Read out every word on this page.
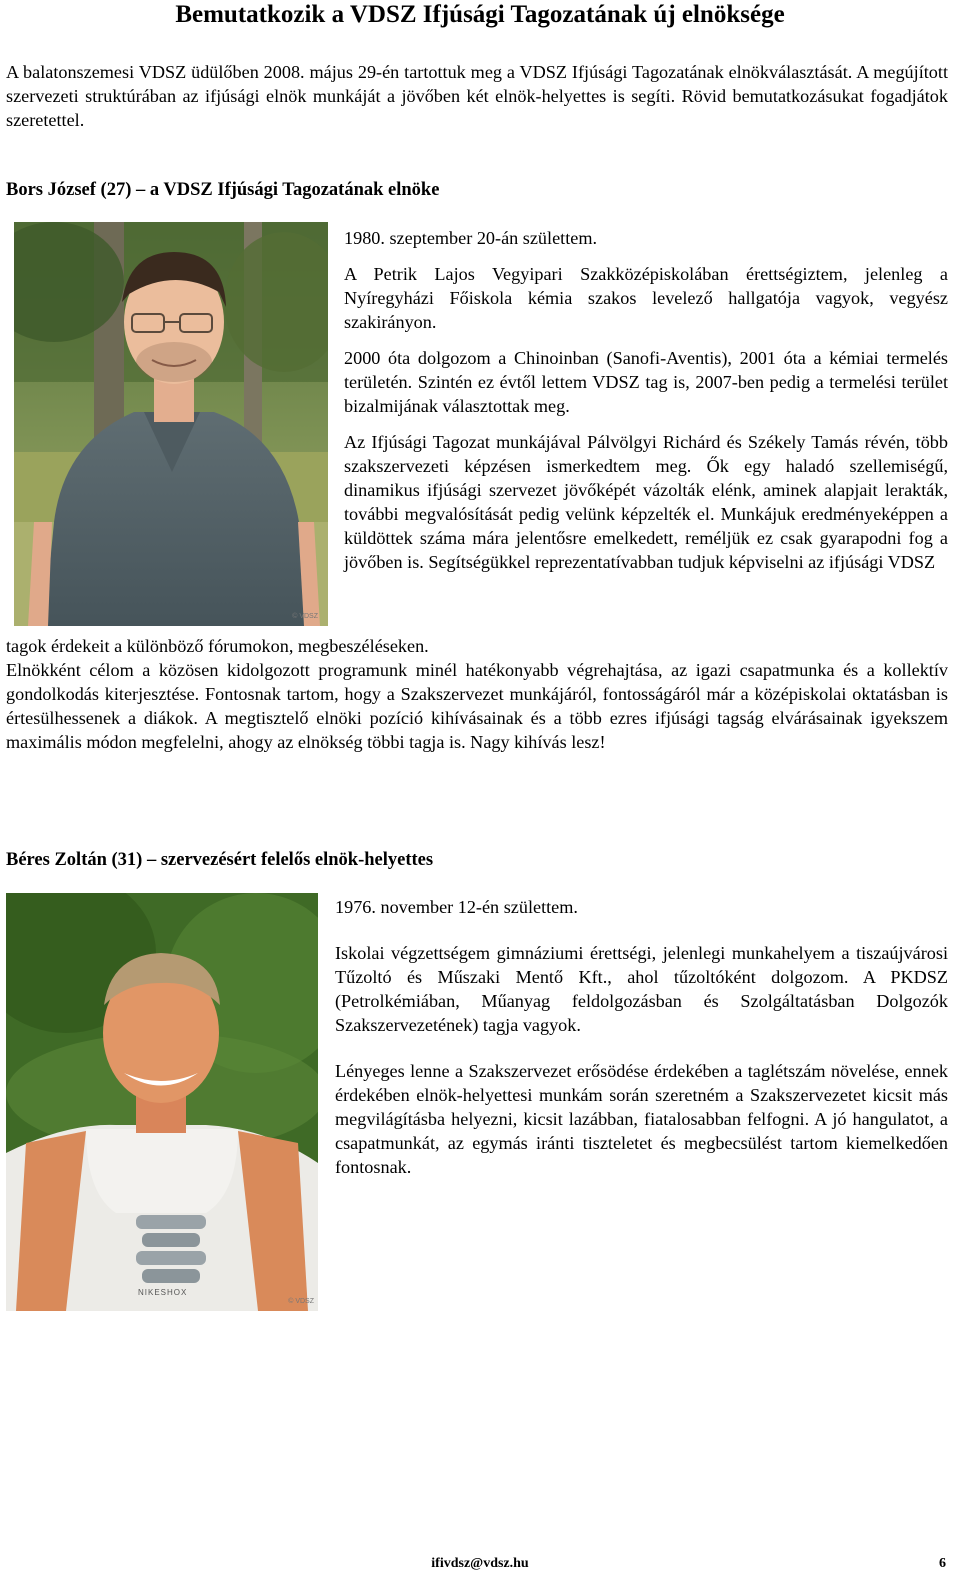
Bemutatkozik a VDSZ Ifjúsági Tagozatának új elnöksége

A balatonszemesi VDSZ üdülőben 2008. május 29-én tartottuk meg a VDSZ Ifjúsági Tagozatának elnökválasztását. A megújított szervezeti struktúrában az ifjúsági elnök munkáját a jövőben két elnök-helyettes is segíti. Rövid bemutatkozásukat fogadjátok szeretettel.

Bors József (27) – a VDSZ Ifjúsági Tagozatának elnöke

© VDSZ

1980. szeptember 20-án születtem.

A Petrik Lajos Vegyipari Szakközépiskolában érettségiztem, jelenleg a Nyíregyházi Főiskola kémia szakos levelező hallgatója vagyok, vegyész szakirányon.

2000 óta dolgozom a Chinoinban (Sanofi-Aventis), 2001 óta a kémiai termelés területén. Szintén ez évtől lettem VDSZ tag is, 2007-ben pedig a termelési terület bizalmijának választottak meg.

Az Ifjúsági Tagozat munkájával Pálvölgyi Richárd és Székely Tamás révén, több szakszervezeti képzésen ismerkedtem meg. Ők egy haladó szellemiségű, dinamikus ifjúsági szervezet jövőképét vázolták elénk, aminek alapjait lerakták, további megvalósítását pedig velünk képzelték el. Munkájuk eredményeképpen a küldöttek száma mára jelentősre emelkedett, reméljük ez csak gyarapodni fog a jövőben is. Segítségükkel reprezentatívabban tudjuk képviselni az ifjúsági VDSZ

tagok érdekeit a különböző fórumokon, megbeszéléseken.

Elnökként célom a közösen kidolgozott programunk minél hatékonyabb végrehajtása, az igazi csapatmunka és a kollektív gondolkodás kiterjesztése. Fontosnak tartom, hogy a Szakszervezet munkájáról, fontosságáról már a középiskolai oktatásban is értesülhessenek a diákok. A megtisztelő elnöki pozíció kihívásainak és a több ezres ifjúsági tagság elvárásainak igyekszem maximális módon megfelelni, ahogy az elnökség többi tagja is. Nagy kihívás lesz!

Béres Zoltán (31) – szervezésért felelős elnök-helyettes

NIKESHOX
© VDSZ

1976. november 12-én születtem.

Iskolai végzettségem gimnáziumi érettségi, jelenlegi munkahelyem a tiszaújvárosi Tűzoltó és Műszaki Mentő Kft., ahol tűzoltóként dolgozom. A PKDSZ (Petrolkémiában, Műanyag feldolgozásban és Szolgáltatásban Dolgozók Szakszervezetének) tagja vagyok.

Lényeges lenne a Szakszervezet erősödése érdekében a taglétszám növelése, ennek érdekében elnök-helyettesi munkám során szeretném a Szakszervezetet kicsit más megvilágításba helyezni, kicsit lazábban, fiatalosabban felfogni. A jó hangulatot, a csapatmunkát, az egymás iránti tiszteletet és megbecsülést tartom kiemelkedően fontosnak.

ifivdsz@vdsz.hu	6
